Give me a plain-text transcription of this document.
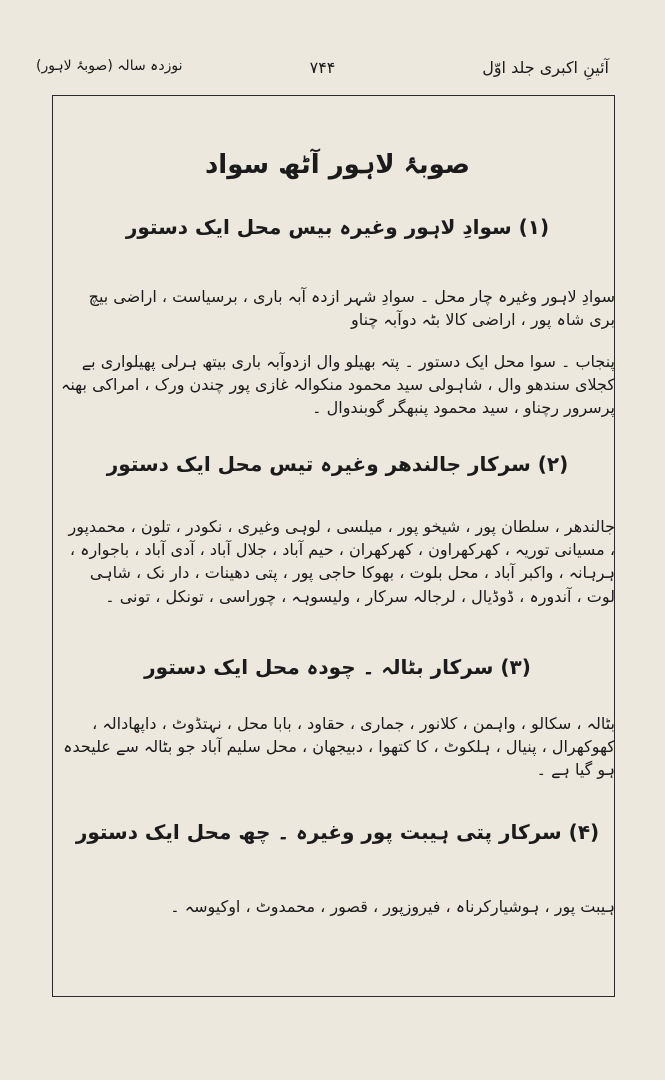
آئینِ اکبری جلد اوّل
۷۴۴
نوزدہ سالہ (صوبۂ لاہور)
صوبۂ لاہور آٹھ سواد
(۱) سوادِ لاہور وغیرہ بیس محل ایک دستور
سوادِ لاہور وغیرہ چار محل ۔ سوادِ شہر ازدہ آبہ باری ، برسیاست ، اراضی بیچ بری شاہ پور ، اراضی کالا بٹہ دوآبہ چناو
پنجاب ۔ سوا محل ایک دستور ۔ پتہ بھیلو وال ازدوآبہ باری بیتھ ہرلی پھیلواری بے کجلای سندھو وال ، شاہولی سید محمود منکوالہ غازی پور چندن ورک ، امراکی بھنہ پرسرور رچناو ، سید محمود پنبھگر گوبندوال ۔
(۲) سرکار جالندھر وغیرہ تیس محل ایک دستور
جالندھر ، سلطان پور ، شیخو پور ، میلسی ، لوہی وغیری ، نکودر ، تلون ، محمدپور ، مسیانی توریہ ، کھرکھراون ، کھرکھران ، حیم آباد ، جلال آباد ، آدی آباد ، باجوارہ ، ہرہانہ ، واکبر آباد ، محل بلوت ، بھوکا حاجی پور ، پتی دھینات ، دار نک ، شاہی لوت ، آندورہ ، ڈوڈیال ، لرجالہ سرکار ، ولیسوہہ ، چوراسی ، تونکل ، تونی ۔
(۳) سرکار بٹالہ ۔ چودہ محل ایک دستور
بٹالہ ، سکالو ، واہمن ، کلانور ، جماری ، حقاود ، بابا محل ، نہتڈوٹ ، داپھادالہ ، کھوکھرال ، پنیال ، ہلکوٹ ، کا کتھوا ، دبیجھان ، محل سلیم آباد جو بٹالہ سے علیحدہ ہو گیا ہے ۔
(۴) سرکار پتی ہیبت پور وغیرہ ۔ چھ محل ایک دستور
ہیبت پور ، ہوشیارکرناہ ، فیروزپور ، قصور ، محمدوٹ ، اوکیوسہ ۔
